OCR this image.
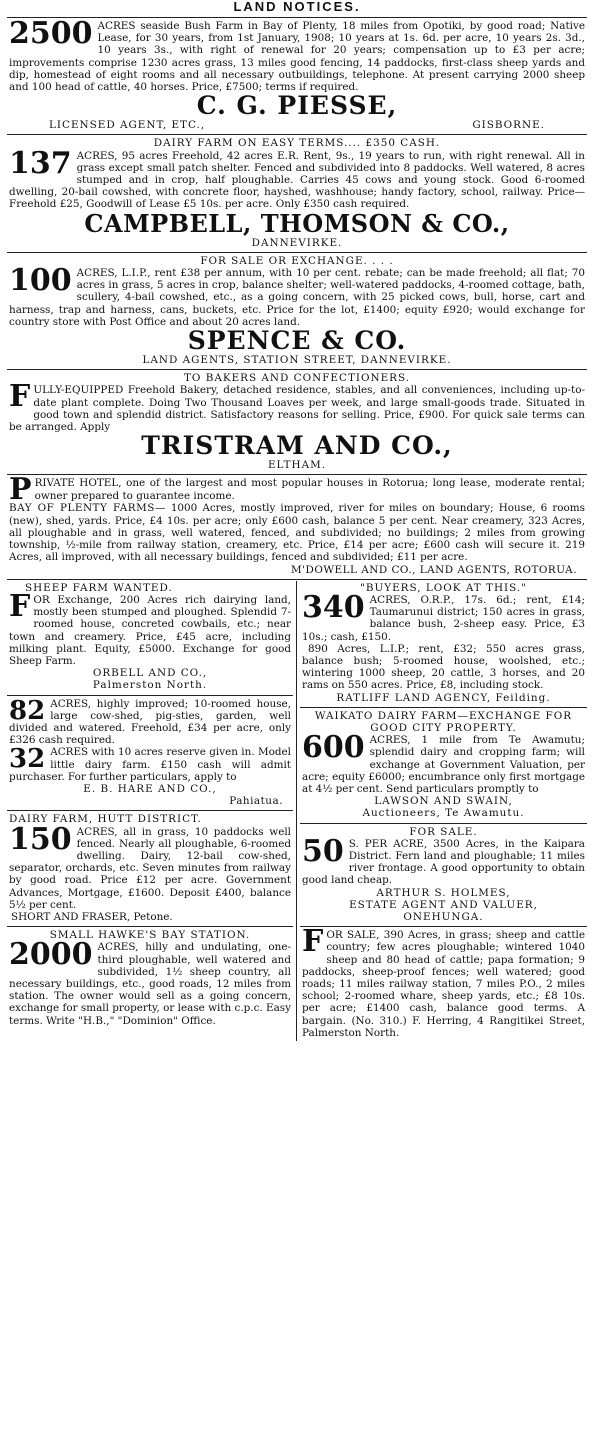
LAND NOTICES.
2500 ACRES seaside Bush Farm in Bay of Plenty, 18 miles from Opotiki, by good road; Native Lease, for 30 years, from 1st January, 1908; 10 years at 1s. 6d. per acre, 10 years 2s. 3d., 10 years 3s., with right of renewal for 20 years; compensation up to £3 per acre; improvements comprise 1230 acres grass, 13 miles good fencing, 14 paddocks, first-class sheep yards and dip, homestead of eight rooms and all necessary outbuildings, telephone. At present carrying 2000 sheep and 100 head of cattle, 40 horses. Price, £7500; terms if required.
C. G. PIESSE,
LICENSED AGENT, ETC.,	GISBORNE.
DAIRY FARM ON EASY TERMS.... £350 CASH.
137 ACRES, 95 acres Freehold, 42 acres E.R. Rent, 9s., 19 years to run, with right renewal. All in grass except small patch shelter. Fenced and subdivided into 8 paddocks. Well watered, 8 acres stumped and in crop, half ploughable. Carries 45 cows and young stock. Good 6-roomed dwelling, 20-bail cowshed, with concrete floor, hayshed, washhouse; handy factory, school, railway. Price—Freehold £25, Goodwill of Lease £5 10s. per acre. Only £350 cash required.
CAMPBELL, THOMSON & CO.,
DANNEVIRKE.
FOR SALE OR EXCHANGE. . . .
100 ACRES, L.I.P., rent £38 per annum, with 10 per cent. rebate; can be made freehold; all flat; 70 acres in grass, 5 acres in crop, balance shelter; well-watered paddocks, 4-roomed cottage, bath, scullery, 4-bail cowshed, etc., as a going concern, with 25 picked cows, bull, horse, cart and harness, trap and harness, cans, buckets, etc. Price for the lot, £1400; equity £920; would exchange for country store with Post Office and about 20 acres land.
SPENCE & CO.
LAND AGENTS, STATION STREET, DANNEVIRKE.
TO BAKERS AND CONFECTIONERS.
F ULLY-EQUIPPED Freehold Bakery, detached residence, stables, and all conveniences, including up-to-date plant complete. Doing Two Thousand Loaves per week, and large small-goods trade. Situated in good town and splendid district. Satisfactory reasons for selling. Price, £900. For quick sale terms can be arranged. Apply
TRISTRAM AND CO.,
ELTHAM.
P RIVATE HOTEL, one of the largest and most popular houses in Rotorua; long lease, moderate rental; owner prepared to guarantee income.
BAY OF PLENTY FARMS— 1000 Acres, mostly improved, river for miles on boundary; House, 6 rooms (new), shed, yards. Price, £4 10s. per acre; only £600 cash, balance 5 per cent. Near creamery, 323 Acres, all ploughable and in grass, well watered, fenced, and subdivided; no buildings; 2 miles from growing township, ½-mile from railway station, creamery, etc. Price, £14 per acre; £600 cash will secure it. 219 Acres, all improved, with all necessary buildings, fenced and subdivided; £11 per acre.
M'DOWELL AND CO., LAND AGENTS, ROTORUA.
SHEEP FARM WANTED.
F OR Exchange, 200 Acres rich dairying land, mostly been stumped and ploughed. Splendid 7-roomed house, concreted cowbails, etc.; near town and creamery. Price, £45 acre, including milking plant. Equity, £5000. Exchange for good Sheep Farm.
ORBELL AND CO.,
Palmerston North.
82 ACRES, highly improved; 10-roomed house, large cow-shed, pig-sties, garden, well divided and watered. Freehold, £34 per acre, only £326 cash required.
32 ACRES with 10 acres reserve given in. Model little dairy farm. £150 cash will admit purchaser. For further particulars, apply to
E. B. HARE AND CO.,
Pahiatua.
DAIRY FARM, HUTT DISTRICT.
150 ACRES, all in grass, 10 paddocks well fenced. Nearly all ploughable, 6-roomed dwelling. Dairy, 12-bail cow-shed, separator, orchards, etc. Seven minutes from railway by good road. Price £12 per acre. Government Advances, Mortgage, £1600. Deposit £400, balance 5½ per cent.
SHORT AND FRASER, Petone.
SMALL HAWKE'S BAY STATION.
2000 ACRES, hilly and undulating, one-third ploughable, well watered and subdivided, 1½ sheep country, all necessary buildings, etc., good roads, 12 miles from station. The owner would sell as a going concern, exchange for small property, or lease with c.p.c. Easy terms. Write "H.B.," "Dominion" Office.
"BUYERS, LOOK AT THIS."
340 ACRES, O.R.P., 17s. 6d.; rent, £14; Taumarunui district; 150 acres in grass, balance bush, 2-sheep easy. Price, £3 10s.; cash, £150.
890 Acres, L.I.P.; rent, £32; 550 acres grass, balance bush; 5-roomed house, woolshed, etc.; wintering 1000 sheep, 20 cattle, 3 horses, and 20 rams on 550 acres. Price, £8, including stock.
RATLIFF LAND AGENCY, Feilding.
WAIKATO DAIRY FARM—EXCHANGE FOR GOOD CITY PROPERTY.
600 ACRES, 1 mile from Te Awamutu; splendid dairy and cropping farm; will exchange at Government Valuation, per acre; equity £6000; encumbrance only first mortgage at 4½ per cent. Send particulars promptly to
LAWSON AND SWAIN,
Auctioneers, Te Awamutu.
FOR SALE.
50 S. PER ACRE, 3500 Acres, in the Kaipara District. Fern land and ploughable; 11 miles river frontage. A good opportunity to obtain good land cheap.
ARTHUR S. HOLMES,
ESTATE AGENT AND VALUER,
ONEHUNGA.
F OR SALE, 390 Acres, in grass; sheep and cattle country; few acres ploughable; wintered 1040 sheep and 80 head of cattle; papa formation; 9 paddocks, sheep-proof fences; well watered; good roads; 11 miles railway station, 7 miles P.O., 2 miles school; 2-roomed whare, sheep yards, etc.; £8 10s. per acre; £1400 cash, balance good terms. A bargain. (No. 310.) F. Herring, 4 Rangitikei Street, Palmerston North.
